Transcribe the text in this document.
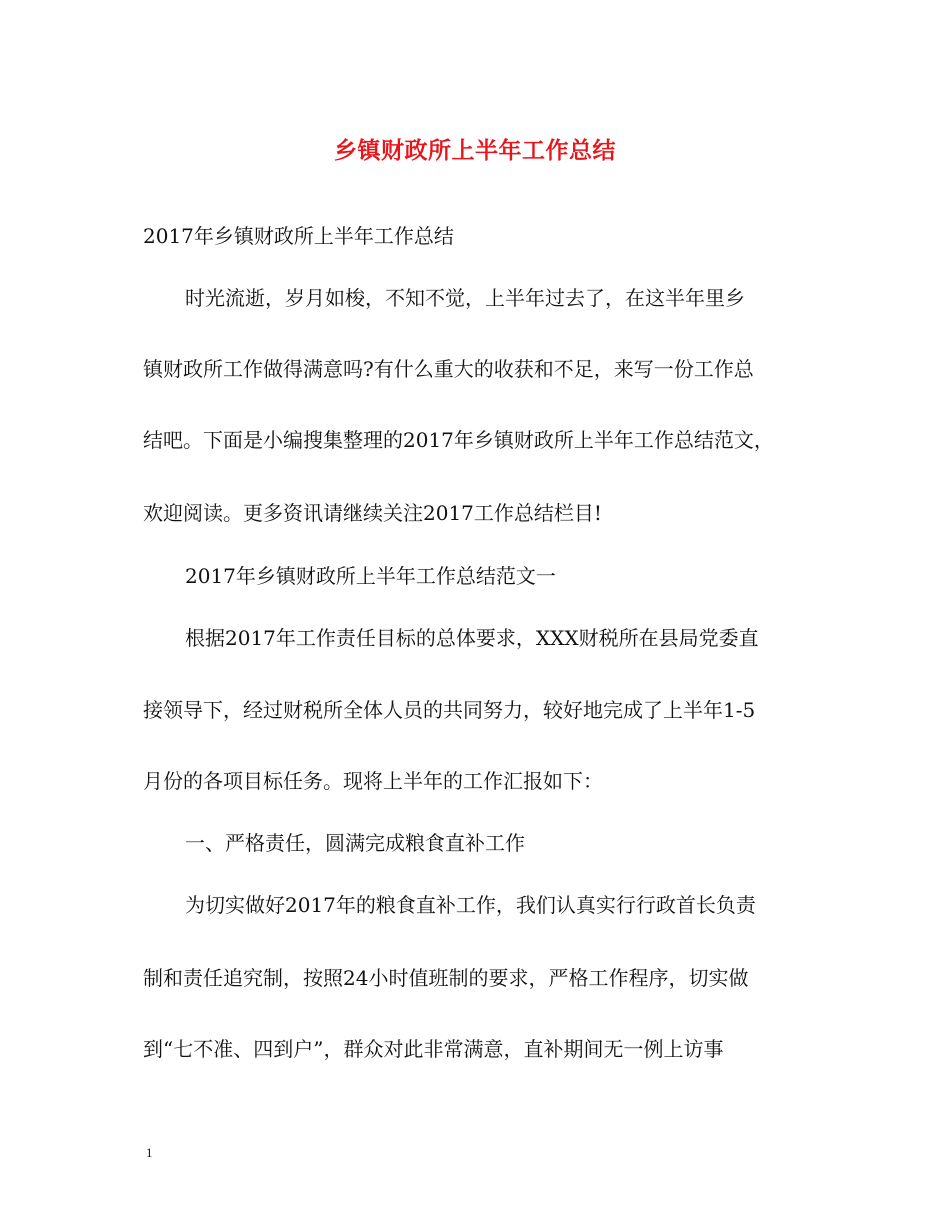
乡镇财政所上半年工作总结
2017年乡镇财政所上半年工作总结
时光流逝，岁月如梭，不知不觉，上半年过去了，在这半年里乡
镇财政所工作做得满意吗?有什么重大的收获和不足，来写一份工作总
结吧。下面是小编搜集整理的2017年乡镇财政所上半年工作总结范文，
欢迎阅读。更多资讯请继续关注2017工作总结栏目!
2017年乡镇财政所上半年工作总结范文一
根据2017年工作责任目标的总体要求，XXX财税所在县局党委直
接领导下，经过财税所全体人员的共同努力，较好地完成了上半年1-5
月份的各项目标任务。现将上半年的工作汇报如下：
一、严格责任，圆满完成粮食直补工作
为切实做好2017年的粮食直补工作，我们认真实行行政首长负责
制和责任追究制，按照24小时值班制的要求，严格工作程序，切实做
到“七不准、四到户”，群众对此非常满意，直补期间无一例上访事
1
